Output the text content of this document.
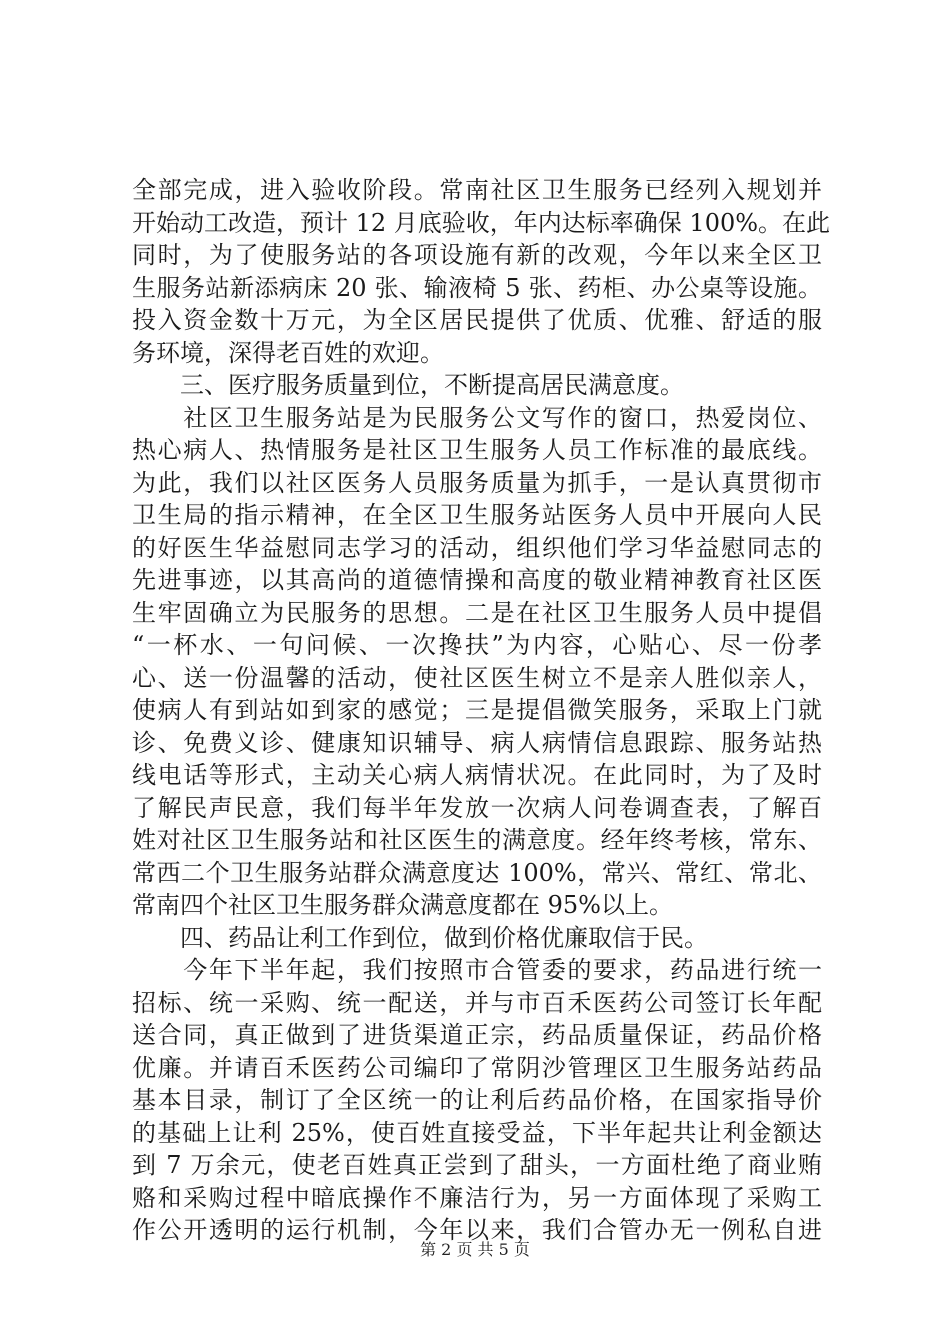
全部完成，进入验收阶段。常南社区卫生服务已经列入规划并
开始动工改造，预计 12 月底验收，年内达标率确保 100%。在此
同时，为了使服务站的各项设施有新的改观，今年以来全区卫
生服务站新添病床 20 张、输液椅 5 张、药柜、办公桌等设施。
投入资金数十万元，为全区居民提供了优质、优雅、舒适的服
务环境，深得老百姓的欢迎。
　　三、医疗服务质量到位，不断提高居民满意度。
　　社区卫生服务站是为民服务公文写作的窗口，热爱岗位、
热心病人、热情服务是社区卫生服务人员工作标准的最底线。
为此，我们以社区医务人员服务质量为抓手，一是认真贯彻市
卫生局的指示精神，在全区卫生服务站医务人员中开展向人民
的好医生华益慰同志学习的活动，组织他们学习华益慰同志的
先进事迹，以其高尚的道德情操和高度的敬业精神教育社区医
生牢固确立为民服务的思想。二是在社区卫生服务人员中提倡
“一杯水、一句问候、一次搀扶”为内容，心贴心、尽一份孝
心、送一份温馨的活动，使社区医生树立不是亲人胜似亲人，
使病人有到站如到家的感觉；三是提倡微笑服务，采取上门就
诊、免费义诊、健康知识辅导、病人病情信息跟踪、服务站热
线电话等形式，主动关心病人病情状况。在此同时，为了及时
了解民声民意，我们每半年发放一次病人问卷调查表，了解百
姓对社区卫生服务站和社区医生的满意度。经年终考核，常东、
常西二个卫生服务站群众满意度达 100%，常兴、常红、常北、
常南四个社区卫生服务群众满意度都在 95%以上。
　　四、药品让利工作到位，做到价格优廉取信于民。
　　今年下半年起，我们按照市合管委的要求，药品进行统一
招标、统一采购、统一配送，并与市百禾医药公司签订长年配
送合同，真正做到了进货渠道正宗，药品质量保证，药品价格
优廉。并请百禾医药公司编印了常阴沙管理区卫生服务站药品
基本目录，制订了全区统一的让利后药品价格，在国家指导价
的基础上让利 25%，使百姓直接受益，下半年起共让利金额达
到 7 万余元，使老百姓真正尝到了甜头，一方面杜绝了商业贿
赂和采购过程中暗底操作不廉洁行为，另一方面体现了采购工
作公开透明的运行机制，今年以来，我们合管办无一例私自进
第 2 页 共 5 页
